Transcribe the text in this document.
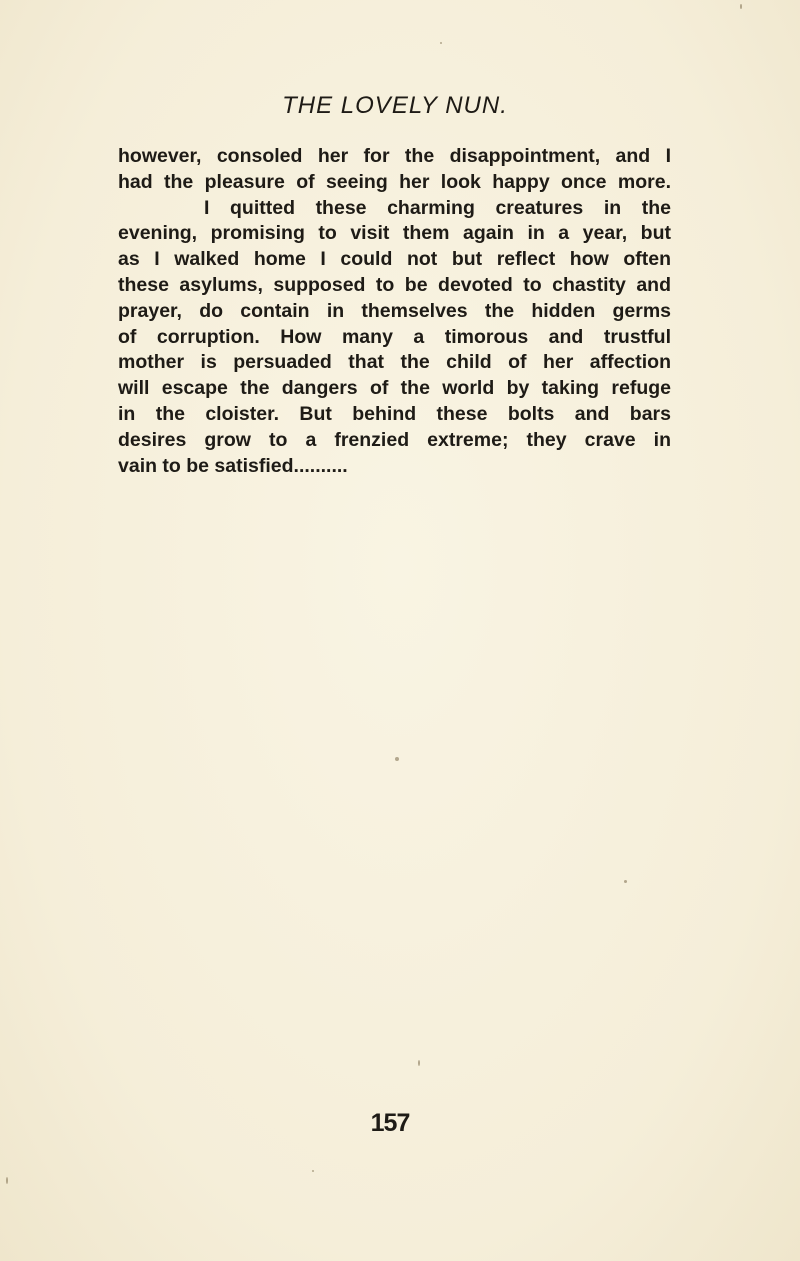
THE LOVELY NUN.
however, consoled her for the disappointment, and I
had the pleasure of seeing her look happy once more.
I quitted these charming creatures in the
evening, promising to visit them again in a year, but
as I walked home I could not but reflect how often
these asylums, supposed to be devoted to chastity and
prayer, do contain in themselves the hidden germs
of corruption. How many a timorous and trustful
mother is persuaded that the child of her affection
will escape the dangers of the world by taking refuge
in the cloister. But behind these bolts and bars
desires grow to a frenzied extreme; they crave in
vain to be satisfied..........
157
